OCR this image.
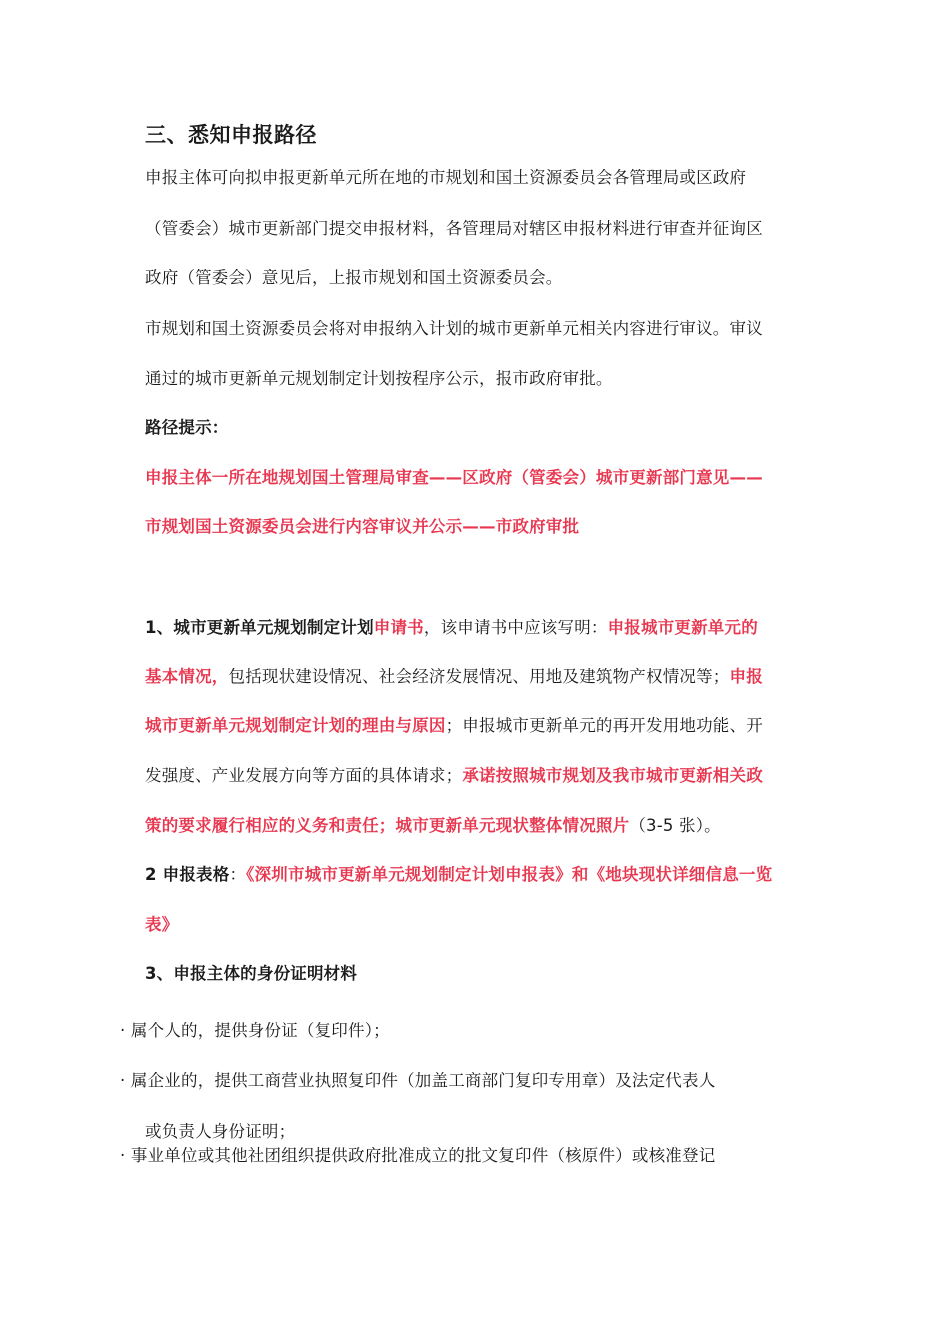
三、悉知申报路径
申报主体可向拟申报更新单元所在地的市规划和国土资源委员会各管理局或区政府
（管委会）城市更新部门提交申报材料，各管理局对辖区申报材料进行审查并征询区
政府（管委会）意见后，上报市规划和国土资源委员会。
市规划和国土资源委员会将对申报纳入计划的城市更新单元相关内容进行审议。审议
通过的城市更新单元规划制定计划按程序公示，报市政府审批。
路径提示：
申报主体一所在地规划国土管理局审查——区政府（管委会）城市更新部门意见——
市规划国土资源委员会进行内容审议并公示——市政府审批
1、城市更新单元规划制定计划申请书，该申请书中应该写明：申报城市更新单元的
基本情况，包括现状建设情况、社会经济发展情况、用地及建筑物产权情况等；申报
城市更新单元规划制定计划的理由与原因；申报城市更新单元的再开发用地功能、开
发强度、产业发展方向等方面的具体请求；承诺按照城市规划及我市城市更新相关政
策的要求履行相应的义务和责任；城市更新单元现状整体情况照片（3-5 张）。
2 申报表格：《深圳市城市更新单元规划制定计划申报表》和《地块现状详细信息一览
表》
3、申报主体的身份证明材料
· 属个人的，提供身份证（复印件）；
· 属企业的，提供工商营业执照复印件（加盖工商部门复印专用章）及法定代表人
或负责人身份证明；
· 事业单位或其他社团组织提供政府批准成立的批文复印件（核原件）或核准登记
